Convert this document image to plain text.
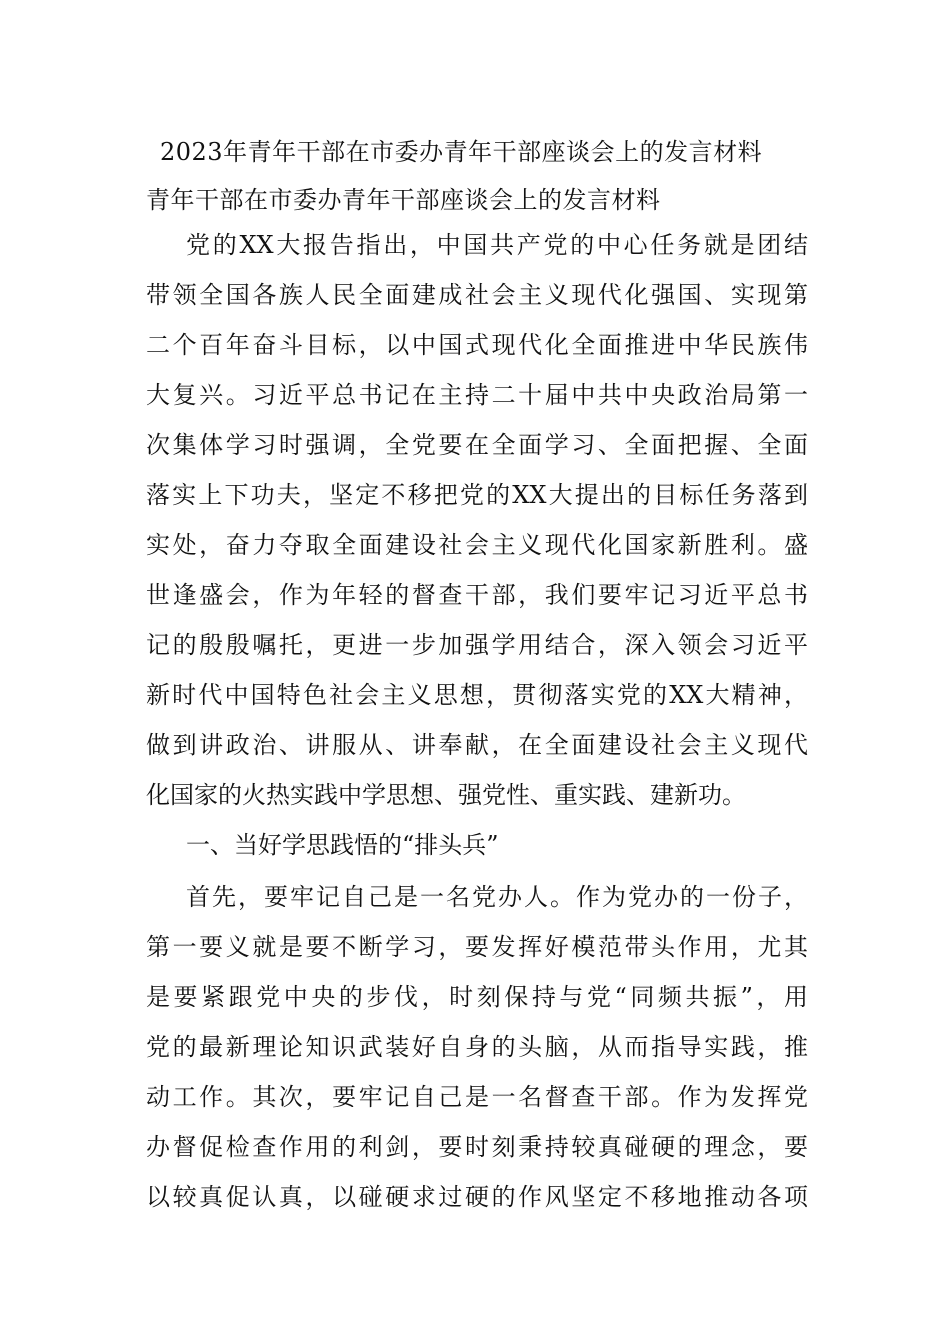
2023年青年干部在市委办青年干部座谈会上的发言材料
青年干部在市委办青年干部座谈会上的发言材料
党的XX大报告指出，中国共产党的中心任务就是团结
带领全国各族人民全面建成社会主义现代化强国、实现第
二个百年奋斗目标，以中国式现代化全面推进中华民族伟
大复兴。习近平总书记在主持二十届中共中央政治局第一
次集体学习时强调，全党要在全面学习、全面把握、全面
落实上下功夫，坚定不移把党的XX大提出的目标任务落到
实处，奋力夺取全面建设社会主义现代化国家新胜利。盛
世逢盛会，作为年轻的督查干部，我们要牢记习近平总书
记的殷殷嘱托，更进一步加强学用结合，深入领会习近平
新时代中国特色社会主义思想，贯彻落实党的XX大精神，
做到讲政治、讲服从、讲奉献，在全面建设社会主义现代
化国家的火热实践中学思想、强党性、重实践、建新功。
一、当好学思践悟的“排头兵”
首先，要牢记自己是一名党办人。作为党办的一份子，
第一要义就是要不断学习，要发挥好模范带头作用，尤其
是要紧跟党中央的步伐，时刻保持与党“同频共振”，用
党的最新理论知识武装好自身的头脑，从而指导实践，推
动工作。其次，要牢记自己是一名督查干部。作为发挥党
办督促检查作用的利剑，要时刻秉持较真碰硬的理念，要
以较真促认真，以碰硬求过硬的作风坚定不移地推动各项
